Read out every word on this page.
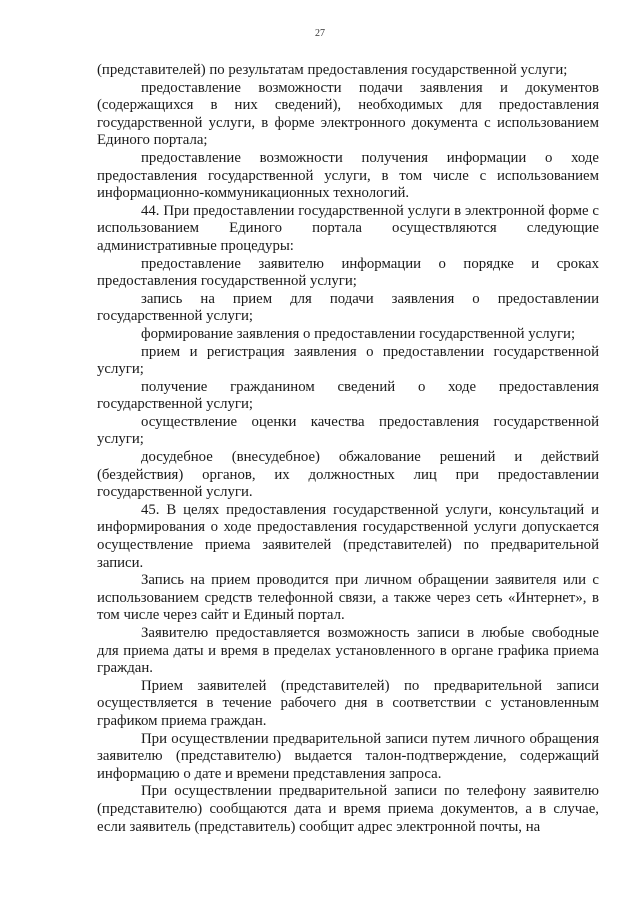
27

(представителей) по результатам предоставления государственной услуги;

предоставление возможности подачи заявления и документов (содержащихся в них сведений), необходимых для предоставления государственной услуги, в форме электронного документа с использованием Единого портала;

предоставление возможности получения информации о ходе предоставления государственной услуги, в том числе с использованием информационно-коммуникационных технологий.

44. При предоставлении государственной услуги в электронной форме с использованием Единого портала осуществляются следующие административные процедуры:

предоставление заявителю информации о порядке и сроках предоставления государственной услуги;

запись на прием для подачи заявления о предоставлении государственной услуги;

формирование заявления о предоставлении государственной услуги;

прием и регистрация заявления о предоставлении государственной услуги;

получение гражданином сведений о ходе предоставления государственной услуги;

осуществление оценки качества предоставления государственной услуги;

досудебное (внесудебное) обжалование решений и действий (бездействия) органов, их должностных лиц при предоставлении государственной услуги.

45. В целях предоставления государственной услуги, консультаций и информирования о ходе предоставления государственной услуги допускается осуществление приема заявителей (представителей) по предварительной записи.

Запись на прием проводится при личном обращении заявителя или с использованием средств телефонной связи, а также через сеть «Интернет», в том числе через сайт и Единый портал.

Заявителю предоставляется возможность записи в любые свободные для приема даты и время в пределах установленного в органе графика приема граждан.

Прием заявителей (представителей) по предварительной записи осуществляется в течение рабочего дня в соответствии с установленным графиком приема граждан.

При осуществлении предварительной записи путем личного обращения заявителю (представителю) выдается талон-подтверждение, содержащий информацию о дате и времени представления запроса.

При осуществлении предварительной записи по телефону заявителю (представителю) сообщаются дата и время приема документов, а в случае, если заявитель (представитель) сообщит адрес электронной почты, на
